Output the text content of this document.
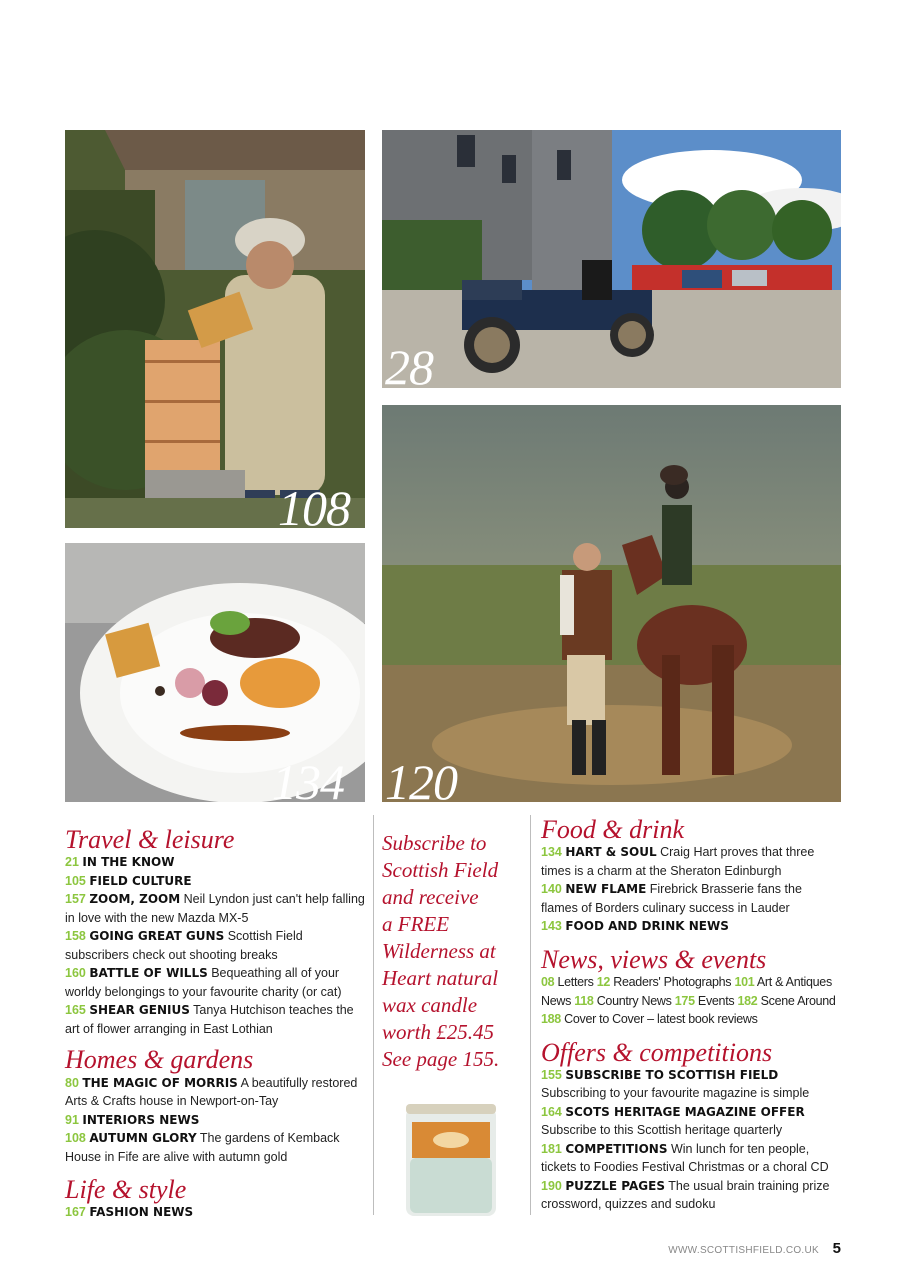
108
28
134 120
Travel & leisure
21 IN THE KNOW
105 FIELD CULTURE
157 ZOOM, ZOOM Neil Lyndon just can't help falling in love with the new Mazda MX-5
158 GOING GREAT GUNS Scottish Field subscribers check out shooting breaks
160 BATTLE OF WILLS Bequeathing all of your worldy belongings to your favourite charity (or cat)
165 SHEAR GENIUS Tanya Hutchison teaches the art of flower arranging in East Lothian
Homes & gardens
80 THE MAGIC OF MORRIS A beautifully restored Arts & Crafts house in Newport-on-Tay
91 INTERIORS NEWS
108 AUTUMN GLORY The gardens of Kemback House in Fife are alive with autumn gold
Life & style
167 FASHION NEWS
Subscribe to
Scottish Field
and receive
a FREE
Wilderness at
Heart natural
wax candle
worth £25.45
See page 155.
Food & drink
134 HART & SOUL Craig Hart proves that three times is a charm at the Sheraton Edinburgh
140 NEW FLAME Firebrick Brasserie fans the flames of Borders culinary success in Lauder
143 FOOD AND DRINK NEWS
News, views & events
08 Letters 12 Readers' Photographs 101 Art & Antiques News 118 Country News 175 Events 182 Scene Around 188 Cover to Cover – latest book reviews
Offers & competitions
155 SUBSCRIBE TO SCOTTISH FIELD Subscribing to your favourite magazine is simple
164 SCOTS HERITAGE MAGAZINE OFFER Subscribe to this Scottish heritage quarterly
181 COMPETITIONS Win lunch for ten people, tickets to Foodies Festival Christmas or a choral CD
190 PUZZLE PAGES The usual brain training prize crossword, quizzes and sudoku
WWW.SCOTTISHFIELD.CO.UK 5
